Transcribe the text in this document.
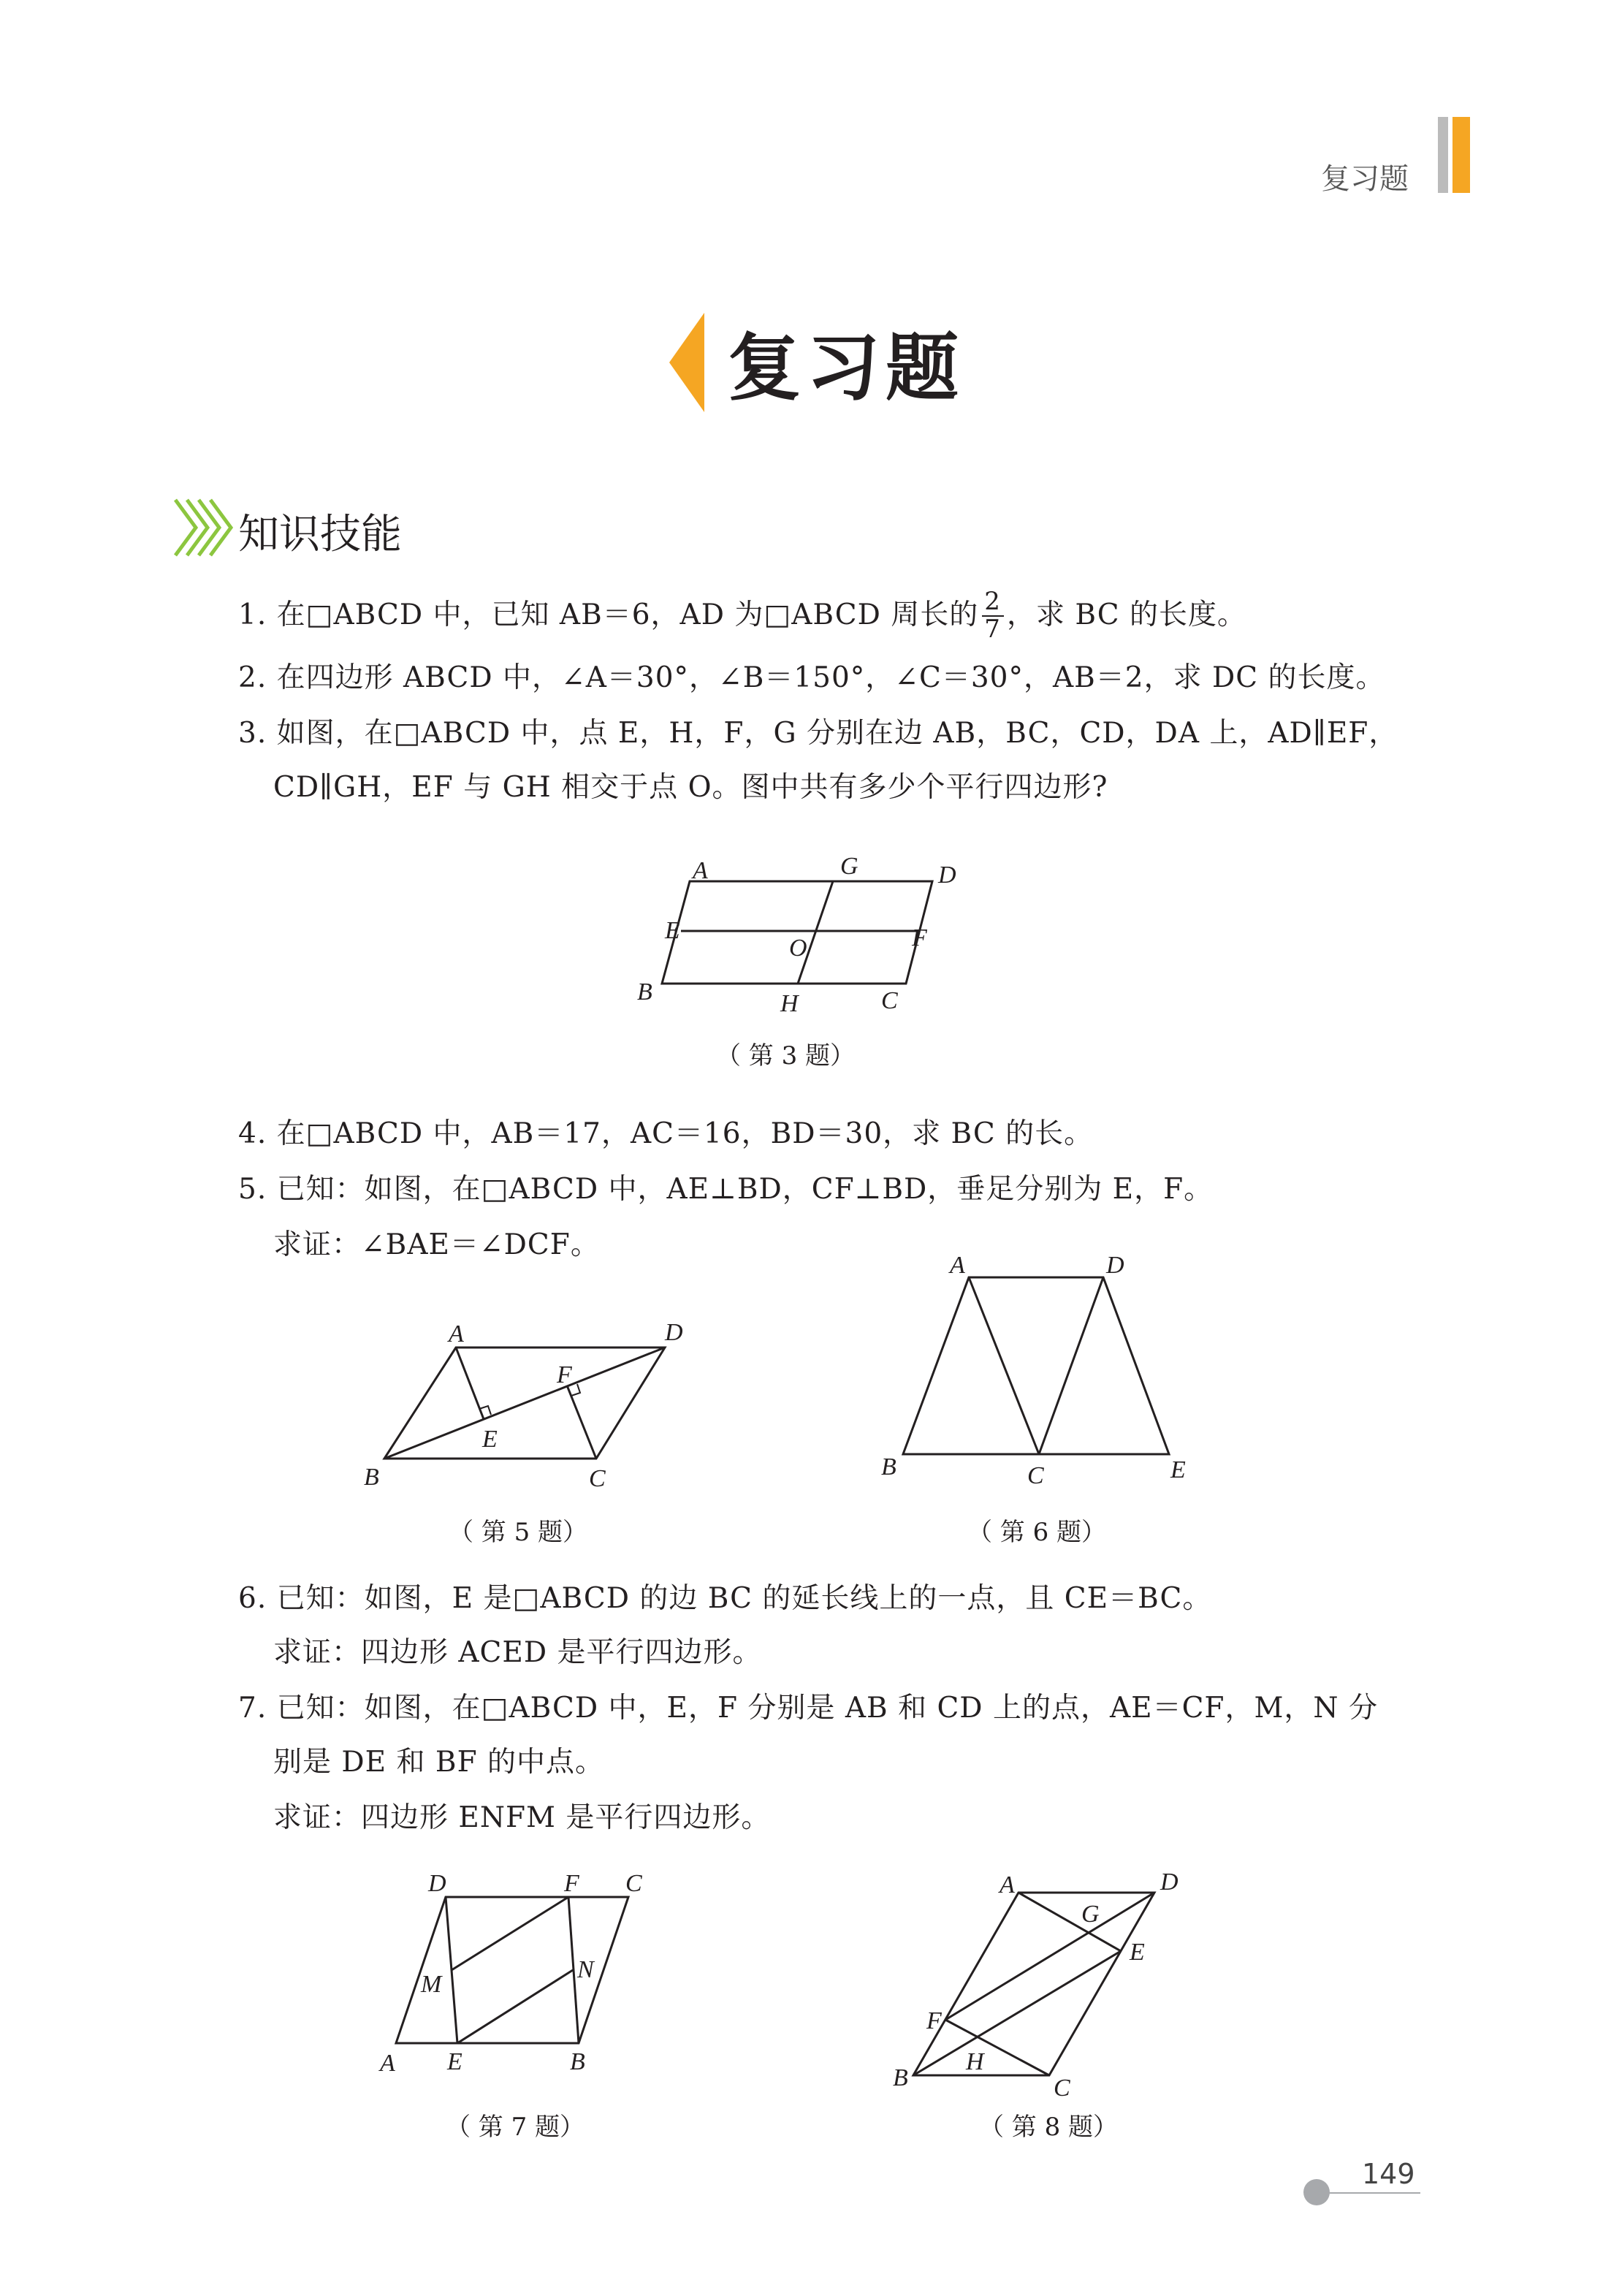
复习题
复习题
知识技能
1. 在□ABCD 中，已知 AB＝6，AD 为□ABCD 周长的 $\frac{2}{7}$ ，求 BC 的长度。
2. 在四边形 ABCD 中，∠A＝30°，∠B＝150°，∠C＝30°，AB＝2，求 DC 的长度。
3. 如图，在□ABCD 中，点 E，H，F，G 分别在边 AB，BC，CD，DA 上，AD∥EF，
CD∥GH，EF 与 GH 相交于点 O。图中共有多少个平行四边形?
A	G	D
E
O	F
B	H	C
（ 第 3 题）
4. 在□ABCD 中，AB＝17，AC＝16，BD＝30，求 BC 的长。
5. 已知：如图，在□ABCD 中，AE⊥BD，CF⊥BD，垂足分别为 E，F。
求证：∠BAE＝∠DCF。
A	D
F
E
B	C
A	D
B	C	E
（ 第 5 题）	（ 第 6 题）
6. 已知：如图，E 是□ABCD 的边 BC 的延长线上的一点，且 CE＝BC。
求证：四边形 ACED 是平行四边形。
7. 已知：如图，在□ABCD 中，E，F 分别是 AB 和 CD 上的点，AE＝CF，M，N 分
别是 DE 和 BF 的中点。
求证：四边形 ENFM 是平行四边形。
D	F	C
M
N
A	E	B
A	D
G
E
F
H
B	C
（ 第 7 题）	（ 第 8 题）
149
